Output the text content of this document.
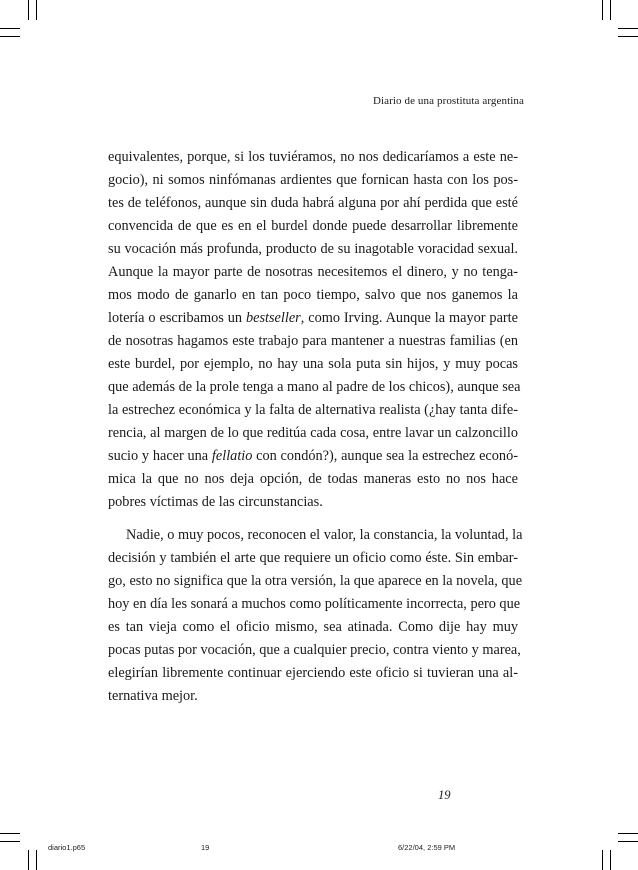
Diario de una prostituta argentina
equivalentes, porque, si los tuviéramos, no nos dedicaríamos a este ne-
gocio), ni somos ninfómanas ardientes que fornican hasta con los pos-
tes de teléfonos, aunque sin duda habrá alguna por ahí perdida que esté
convencida de que es en el burdel donde puede desarrollar libremente
su vocación más profunda, producto de su inagotable voracidad sexual.
Aunque la mayor parte de nosotras necesitemos el dinero, y no tenga-
mos modo de ganarlo en tan poco tiempo, salvo que nos ganemos la
lotería o escribamos un bestseller, como Irving. Aunque la mayor parte
de nosotras hagamos este trabajo para mantener a nuestras familias (en
este burdel, por ejemplo, no hay una sola puta sin hijos, y muy pocas
que además de la prole tenga a mano al padre de los chicos), aunque sea
la estrechez económica y la falta de alternativa realista (¿hay tanta dife-
rencia, al margen de lo que reditúa cada cosa, entre lavar un calzoncillo
sucio y hacer una fellatio con condón?), aunque sea la estrechez econó-
mica la que no nos deja opción, de todas maneras esto no nos hace
pobres víctimas de las circunstancias.
Nadie, o muy pocos, reconocen el valor, la constancia, la voluntad, la
decisión y también el arte que requiere un oficio como éste. Sin embar-
go, esto no significa que la otra versión, la que aparece en la novela, que
hoy en día les sonará a muchos como políticamente incorrecta, pero que
es tan vieja como el oficio mismo, sea atinada. Como dije hay muy
pocas putas por vocación, que a cualquier precio, contra viento y marea,
elegirían libremente continuar ejerciendo este oficio si tuvieran una al-
ternativa mejor.
19
diario1.p65	19	6/22/04, 2:59 PM
